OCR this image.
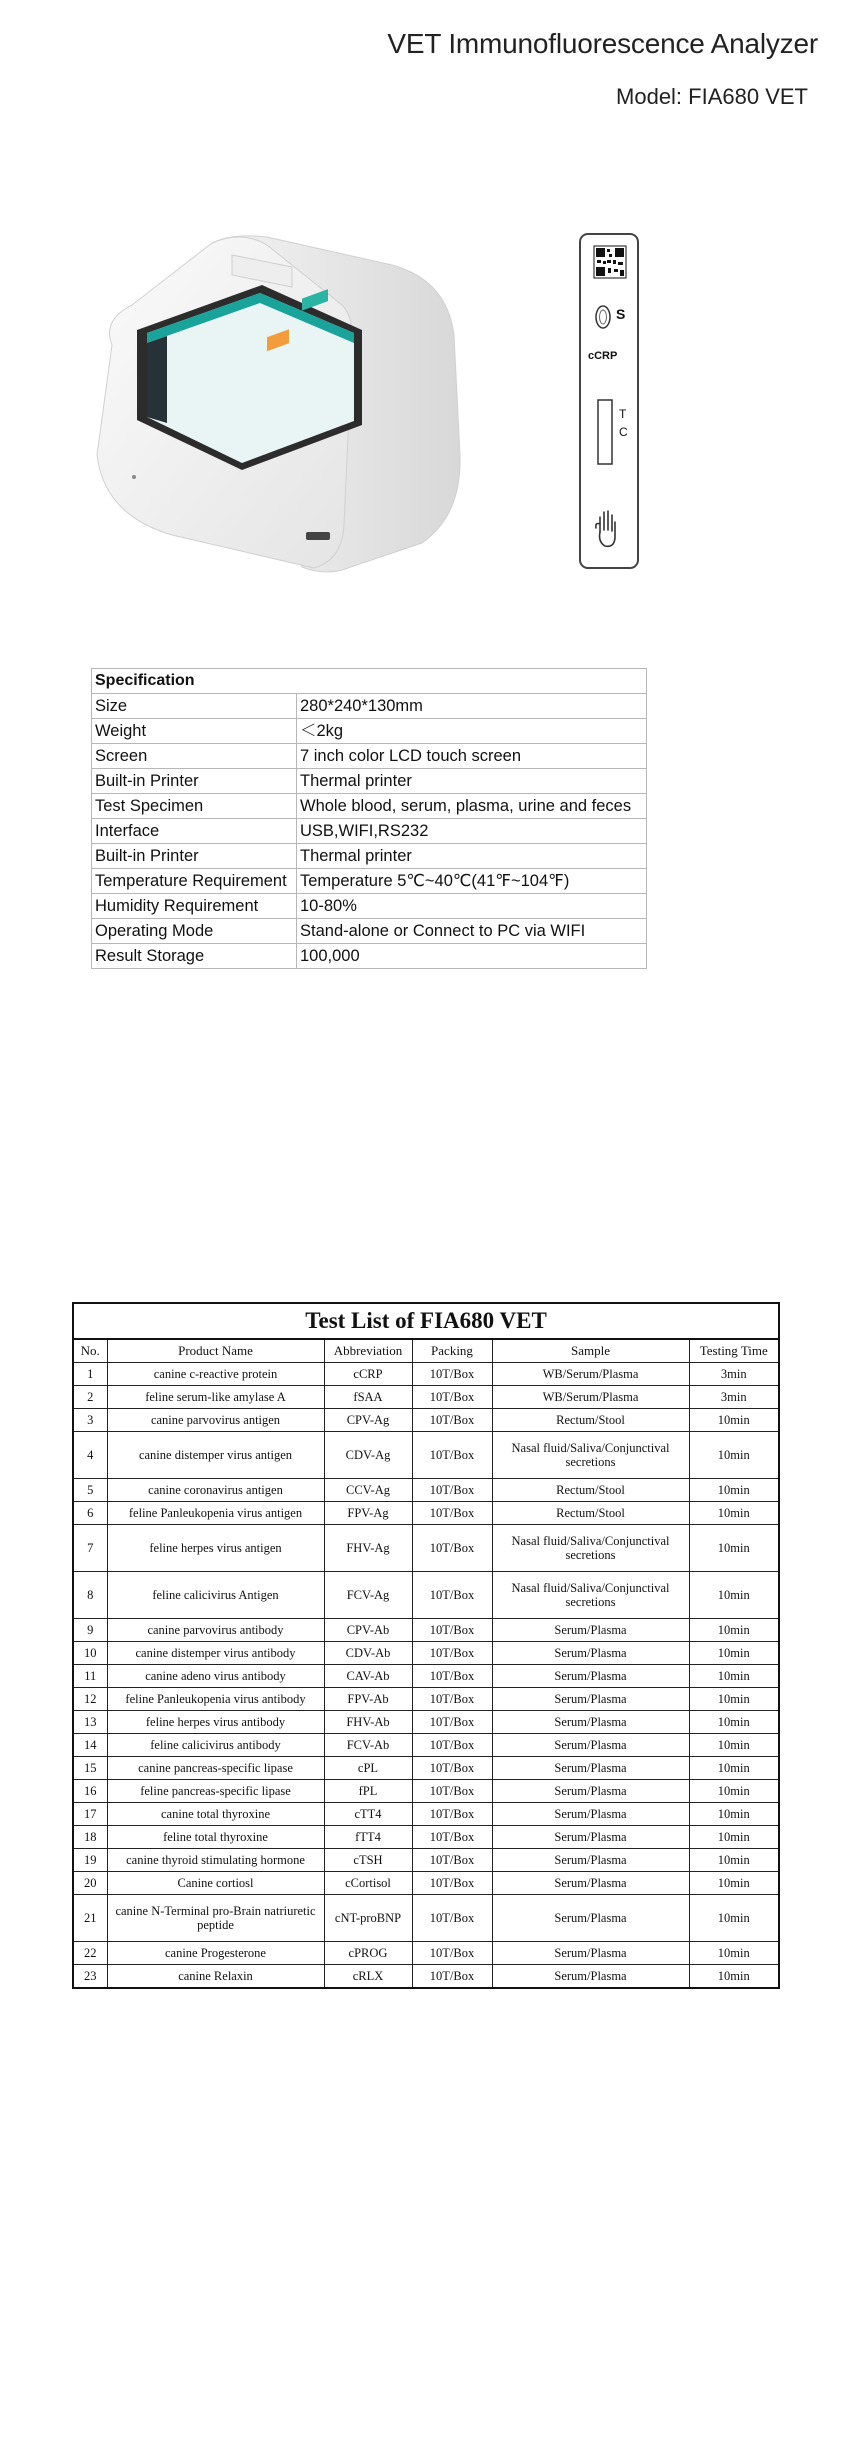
VET Immunofluorescence Analyzer
Model: FIA680 VET
S
cCRP
T
C
Specification	
Size	280*240*130mm
Weight	＜2kg
Screen	7 inch color LCD touch screen
Built-in Printer	Thermal printer
Test Specimen	Whole blood, serum, plasma, urine and feces
Interface	USB,WIFI,RS232
Built-in Printer	Thermal printer
Temperature Requirement	Temperature 5℃~40℃(41℉~104℉)
Humidity Requirement	10-80%
Operating Mode	Stand-alone or Connect to PC via WIFI
Result Storage	100,000
Test List of FIA680 VET					
No.	Product Name	Abbreviation	Packing	Sample	Testing Time
1	canine c-reactive protein	cCRP	10T/Box	WB/Serum/Plasma	3min
2	feline serum-like amylase A	fSAA	10T/Box	WB/Serum/Plasma	3min
3	canine parvovirus antigen	CPV-Ag	10T/Box	Rectum/Stool	10min
4	canine distemper virus antigen	CDV-Ag	10T/Box	Nasal fluid/Saliva/Conjunctival secretions	10min
5	canine coronavirus antigen	CCV-Ag	10T/Box	Rectum/Stool	10min
6	feline Panleukopenia virus antigen	FPV-Ag	10T/Box	Rectum/Stool	10min
7	feline herpes virus antigen	FHV-Ag	10T/Box	Nasal fluid/Saliva/Conjunctival secretions	10min
8	feline calicivirus Antigen	FCV-Ag	10T/Box	Nasal fluid/Saliva/Conjunctival secretions	10min
9	canine parvovirus antibody	CPV-Ab	10T/Box	Serum/Plasma	10min
10	canine distemper virus antibody	CDV-Ab	10T/Box	Serum/Plasma	10min
11	canine adeno virus antibody	CAV-Ab	10T/Box	Serum/Plasma	10min
12	feline Panleukopenia virus antibody	FPV-Ab	10T/Box	Serum/Plasma	10min
13	feline herpes virus antibody	FHV-Ab	10T/Box	Serum/Plasma	10min
14	feline calicivirus antibody	FCV-Ab	10T/Box	Serum/Plasma	10min
15	canine pancreas-specific lipase	cPL	10T/Box	Serum/Plasma	10min
16	feline pancreas-specific lipase	fPL	10T/Box	Serum/Plasma	10min
17	canine total thyroxine	cTT4	10T/Box	Serum/Plasma	10min
18	feline total thyroxine	fTT4	10T/Box	Serum/Plasma	10min
19	canine thyroid stimulating hormone	cTSH	10T/Box	Serum/Plasma	10min
20	Canine cortiosl	cCortisol	10T/Box	Serum/Plasma	10min
21	canine N-Terminal pro-Brain natriuretic peptide	cNT-proBNP	10T/Box	Serum/Plasma	10min
22	canine Progesterone	cPROG	10T/Box	Serum/Plasma	10min
23	canine Relaxin	cRLX	10T/Box	Serum/Plasma	10min
